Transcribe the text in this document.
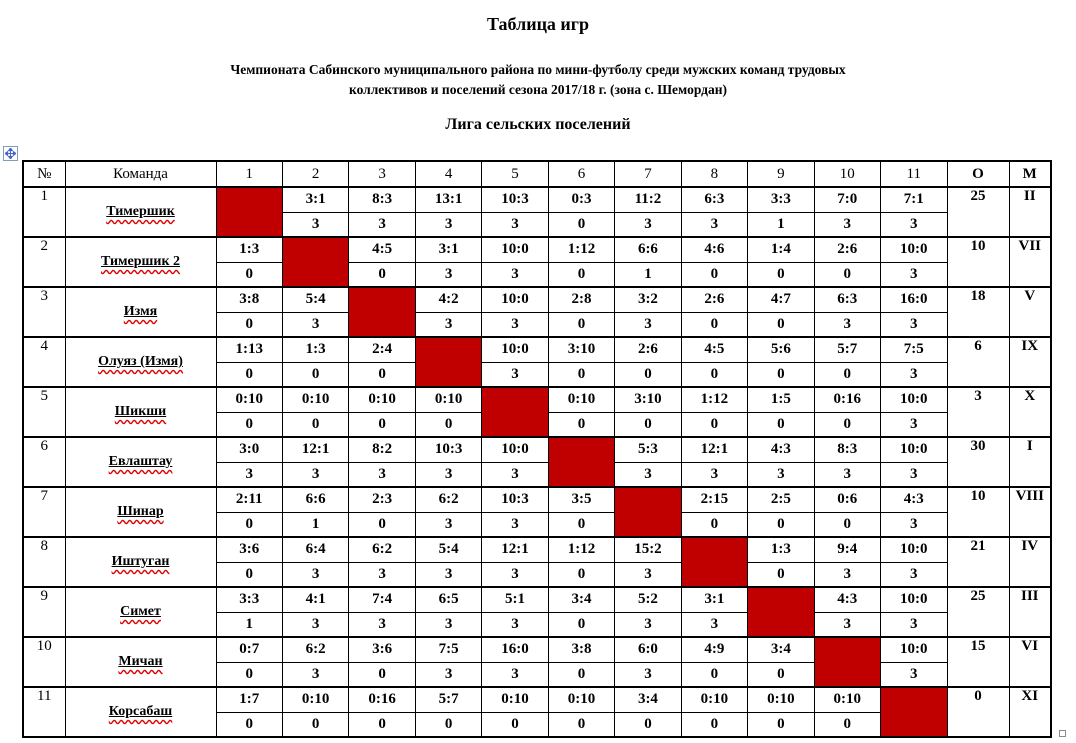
Таблица игр
Чемпионата Сабинского муниципального района по мини-футболу среди мужских команд трудовых
коллективов и поселений сезона 2017/18 г. (зона с. Шемордан)
Лига сельских поселений
№	Команда	1	2	3	4	5	6	7	8	9	10	11	О	М
1	Тимершик		3:1	8:3	13:1	10:3	0:3	11:2	6:3	3:3	7:0	7:1	25	II
			3	3	3	3	0	3	3	1	3	3		
2	Тимершик 2	1:3		4:5	3:1	10:0	1:12	6:6	4:6	1:4	2:6	10:0	10	VII
		0		0	3	3	0	1	0	0	0	3		
3	Измя	3:8	5:4		4:2	10:0	2:8	3:2	2:6	4:7	6:3	16:0	18	V
		0	3		3	3	0	3	0	0	3	3		
4	Олуяз (Измя)	1:13	1:3	2:4		10:0	3:10	2:6	4:5	5:6	5:7	7:5	6	IX
		0	0	0		3	0	0	0	0	0	3		
5	Шикши	0:10	0:10	0:10	0:10		0:10	3:10	1:12	1:5	0:16	10:0	3	X
		0	0	0	0		0	0	0	0	0	3		
6	Евлаштау	3:0	12:1	8:2	10:3	10:0		5:3	12:1	4:3	8:3	10:0	30	I
		3	3	3	3	3		3	3	3	3	3		
7	Шинар	2:11	6:6	2:3	6:2	10:3	3:5		2:15	2:5	0:6	4:3	10	VIII
		0	1	0	3	3	0		0	0	0	3		
8	Иштуган	3:6	6:4	6:2	5:4	12:1	1:12	15:2		1:3	9:4	10:0	21	IV
		0	3	3	3	3	0	3		0	3	3		
9	Симет	3:3	4:1	7:4	6:5	5:1	3:4	5:2	3:1		4:3	10:0	25	III
		1	3	3	3	3	0	3	3		3	3		
10	Мичан	0:7	6:2	3:6	7:5	16:0	3:8	6:0	4:9	3:4		10:0	15	VI
		0	3	0	3	3	0	3	0	0		3		
11	Корсабаш	1:7	0:10	0:16	5:7	0:10	0:10	3:4	0:10	0:10	0:10		0	XI
		0	0	0	0	0	0	0	0	0	0			
